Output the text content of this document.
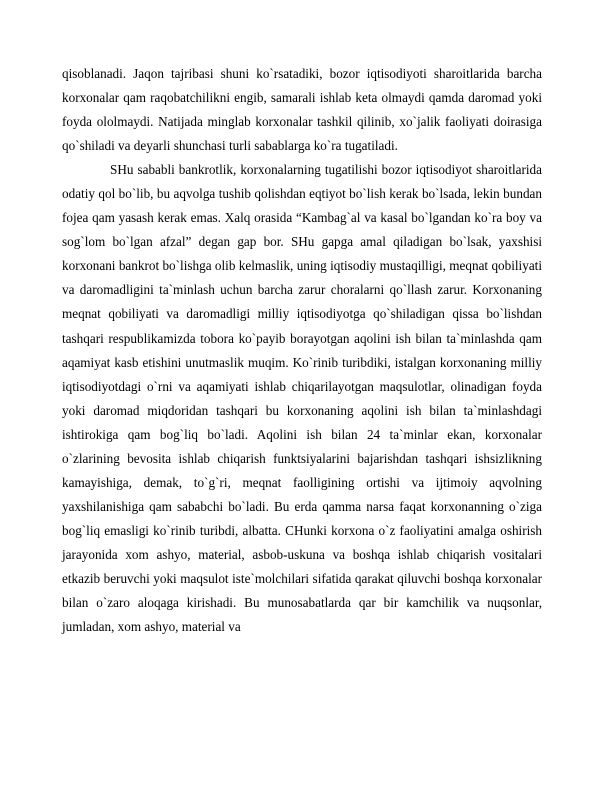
qisoblanadi. Jaqon tajribasi shuni ko`rsatadiki, bozor iqtisodiyoti sharoitlarida barcha korxonalar qam raqobatchilikni engib, samarali ishlab keta olmaydi qamda daromad yoki foyda ololmaydi. Natijada minglab korxonalar tashkil qilinib, xo`jalik faoliyati doirasiga qo`shiladi va deyarli shunchasi turli sabablarga ko`ra tugatiladi.

SHu sababli bankrotlik, korxonalarning tugatilishi bozor iqtisodiyot sharoitlarida odatiy qol bo`lib, bu aqvolga tushib qolishdan eqtiyot bo`lish kerak bo`lsada, lekin bundan fojea qam yasash kerak emas. Xalq orasida “Kambag`al va kasal bo`lgandan ko`ra boy va sog`lom bo`lgan afzal” degan gap bor. SHu gapga amal qiladigan bo`lsak, yaxshisi korxonani bankrot bo`lishga olib kelmaslik, uning iqtisodiy mustaqilligi, meqnat qobiliyati va daromadligini ta`minlash uchun barcha zarur choralarni qo`llash zarur. Korxonaning meqnat qobiliyati va daromadligi milliy iqtisodiyotga qo`shiladigan qissa bo`lishdan tashqari respublikamizda tobora ko`payib borayotgan aqolini ish bilan ta`minlashda qam aqamiyat kasb etishini unutmaslik muqim. Ko`rinib turibdiki, istalgan korxonaning milliy iqtisodiyotdagi o`rni va aqamiyati ishlab chiqarilayotgan maqsulotlar, olinadigan foyda yoki daromad miqdoridan tashqari bu korxonaning aqolini ish bilan ta`minlashdagi ishtirokiga qam bog`liq bo`ladi. Aqolini ish bilan 24 ta`minlar ekan, korxonalar o`zlarining bevosita ishlab chiqarish funktsiyalarini bajarishdan tashqari ishsizlikning kamayishiga, demak, to`g`ri, meqnat faolligining ortishi va ijtimoiy aqvolning yaxshilanishiga qam sababchi bo`ladi. Bu erda qamma narsa faqat korxonanning o`ziga bog`liq emasligi ko`rinib turibdi, albatta. CHunki korxona o`z faoliyatini amalga oshirish jarayonida xom ashyo, material, asbob-uskuna va boshqa ishlab chiqarish vositalari etkazib beruvchi yoki maqsulot iste`molchilari sifatida qarakat qiluvchi boshqa korxonalar bilan o`zaro aloqaga kirishadi. Bu munosabatlarda qar bir kamchilik va nuqsonlar, jumladan, xom ashyo, material va
